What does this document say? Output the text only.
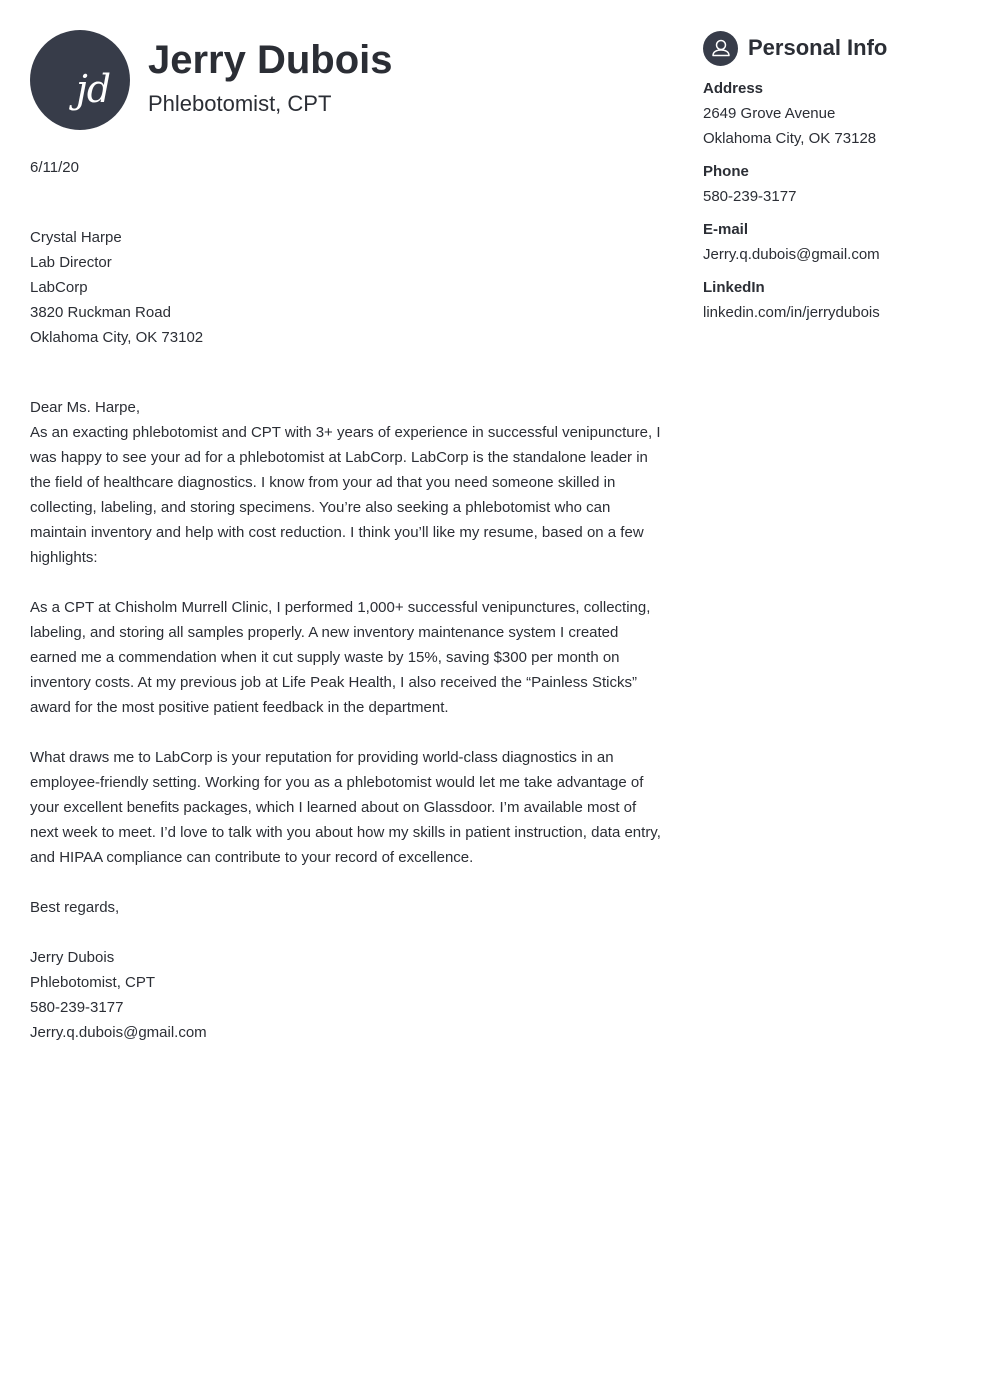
jd
Jerry Dubois

Phlebotomist, CPT

6/11/20

Crystal Harpe
Lab Director
LabCorp
3820 Ruckman Road
Oklahoma City, OK 73102

Dear Ms. Harpe,

As an exacting phlebotomist and CPT with 3+ years of experience in successful venipuncture, I
was happy to see your ad for a phlebotomist at LabCorp. LabCorp is the standalone leader in
the field of healthcare diagnostics. I know from your ad that you need someone skilled in
collecting, labeling, and storing specimens. You’re also seeking a phlebotomist who can
maintain inventory and help with cost reduction. I think you’ll like my resume, based on a few
highlights:
As a CPT at Chisholm Murrell Clinic, I performed 1,000+ successful venipunctures, collecting,
labeling, and storing all samples properly. A new inventory maintenance system I created
earned me a commendation when it cut supply waste by 15%, saving $300 per month on
inventory costs. At my previous job at Life Peak Health, I also received the “Painless Sticks”
award for the most positive patient feedback in the department.
What draws me to LabCorp is your reputation for providing world-class diagnostics in an
employee-friendly setting. Working for you as a phlebotomist would let me take advantage of
your excellent benefits packages, which I learned about on Glassdoor. I’m available most of
next week to meet. I’d love to talk with you about how my skills in patient instruction, data entry,
and HIPAA compliance can contribute to your record of excellence.

Best regards,

Jerry Dubois
Phlebotomist, CPT
580-239-3177
Jerry.q.dubois@gmail.com
Personal Info
Address
2649 Grove Avenue
Oklahoma City, OK 73128
Phone
580-239-3177
E-mail
Jerry.q.dubois@gmail.com
LinkedIn
linkedin.com/in/jerrydubois
